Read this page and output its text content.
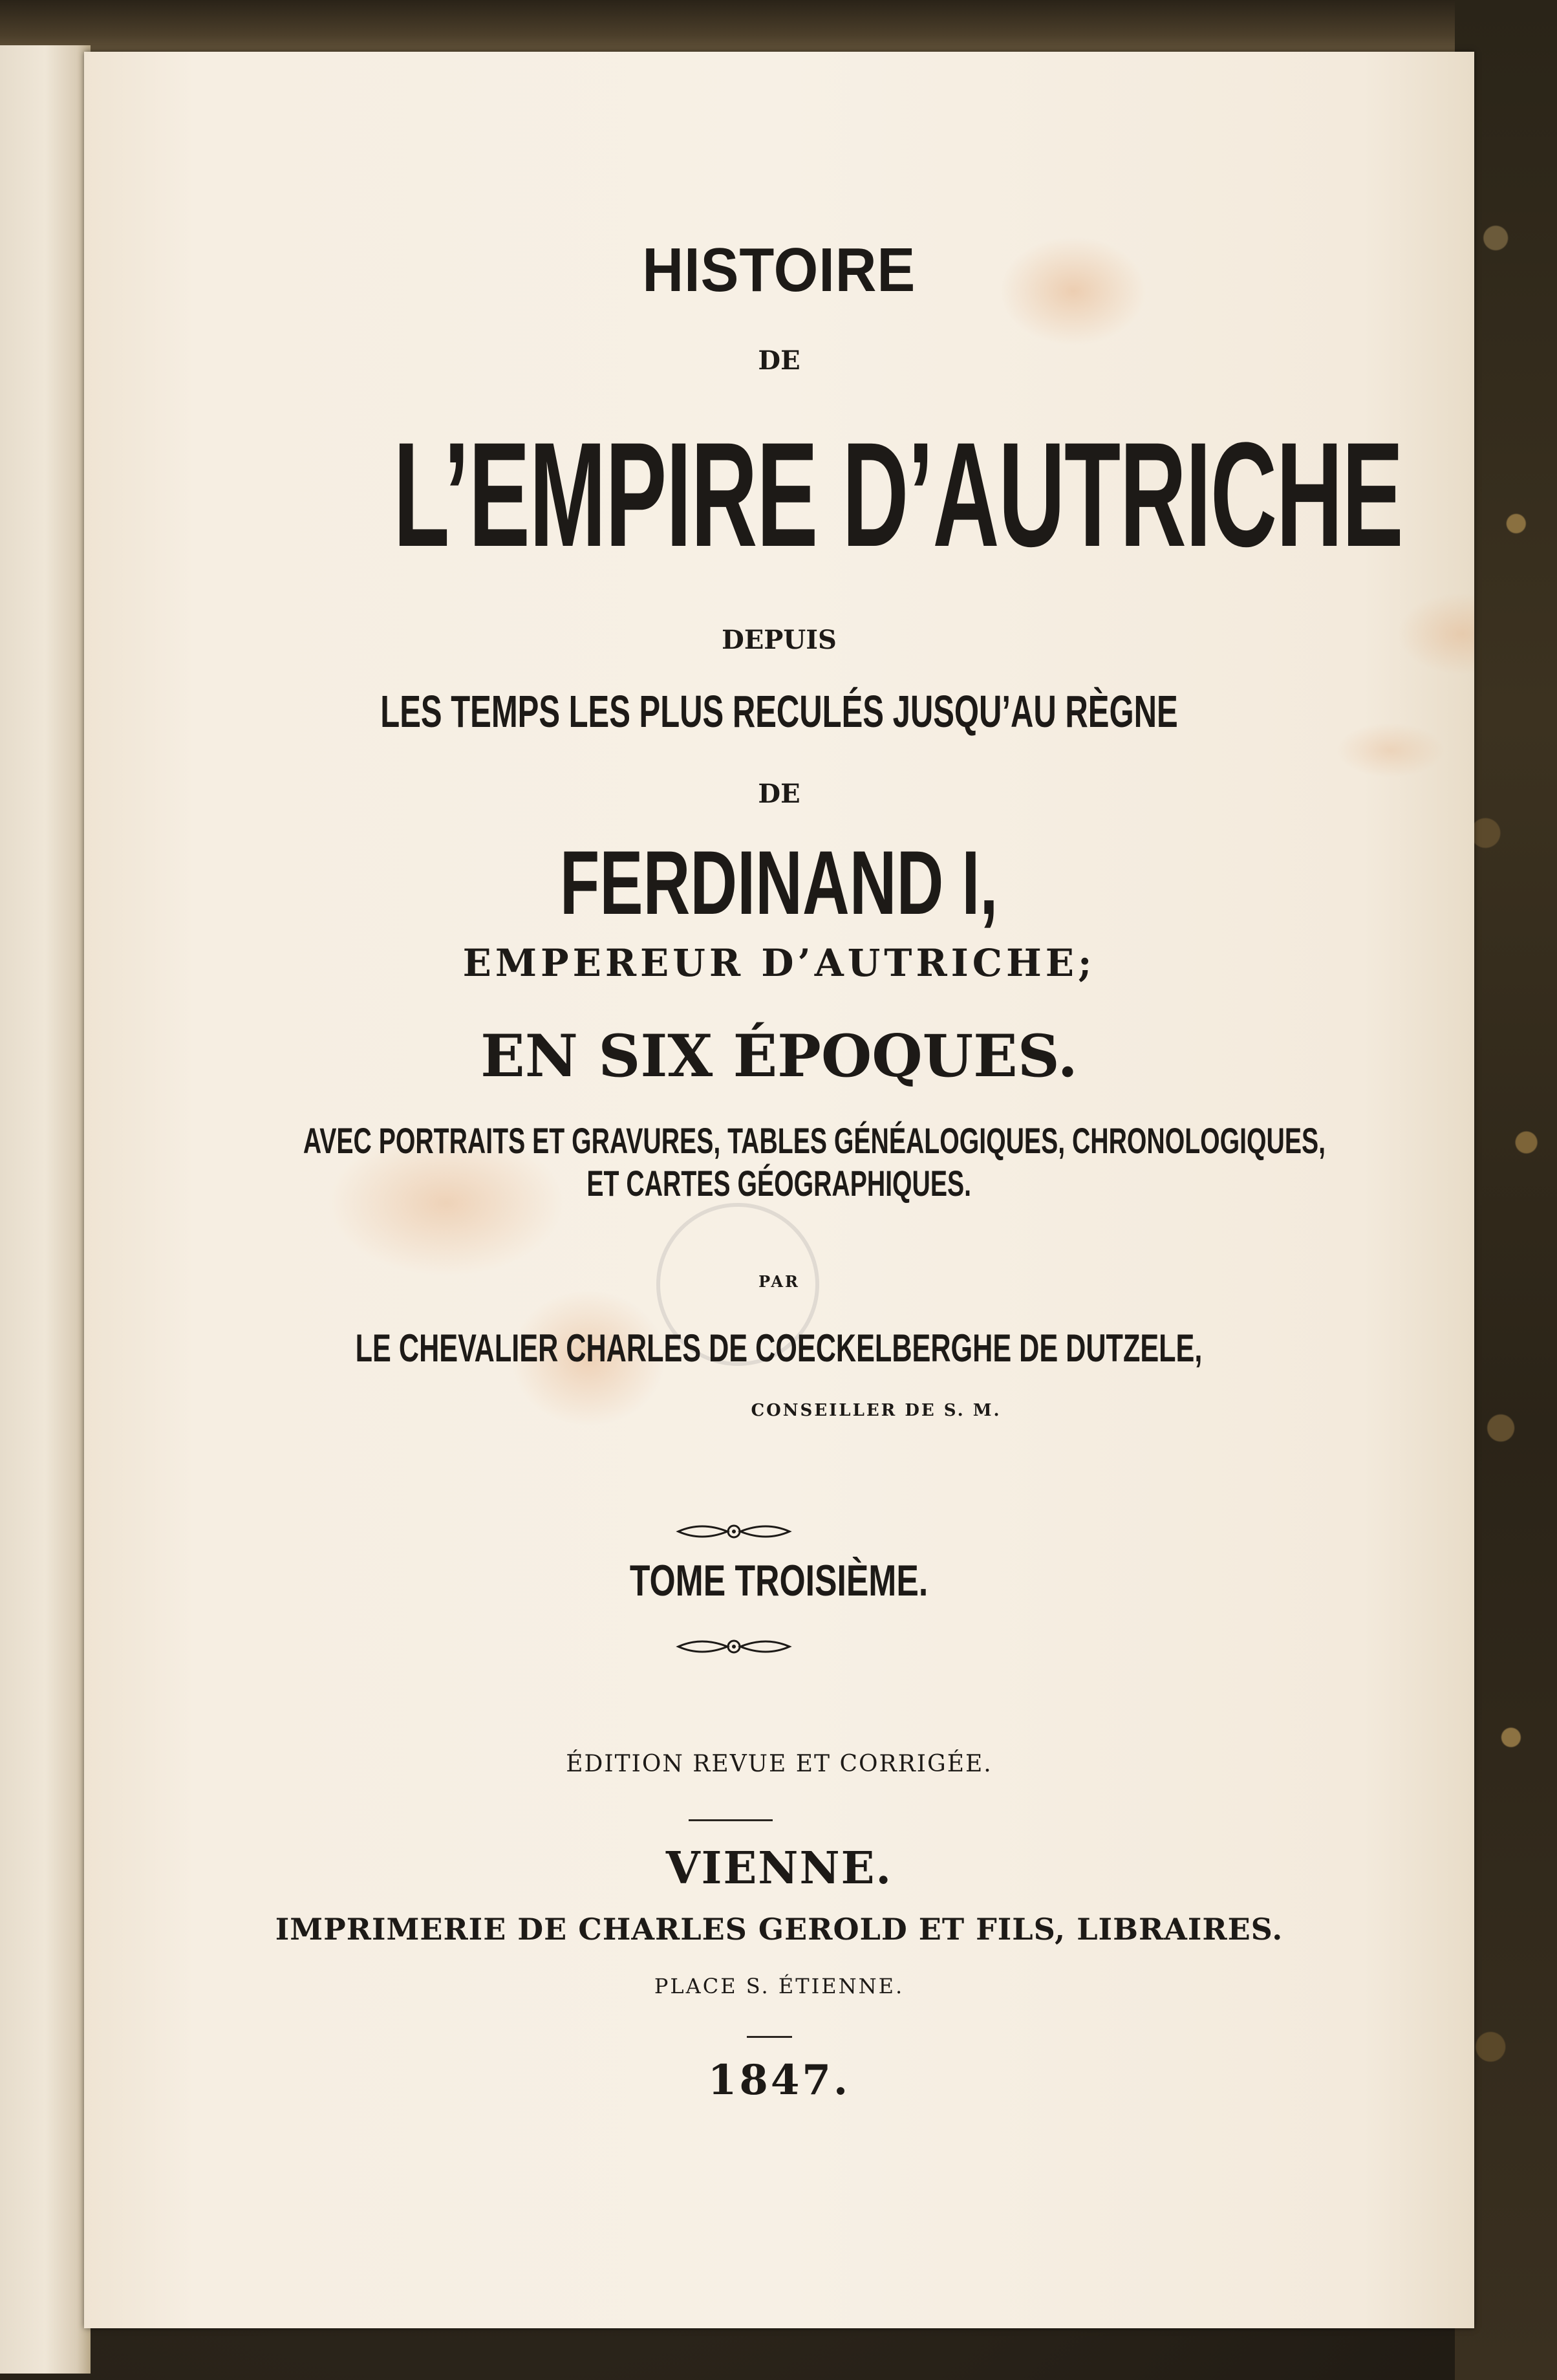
HISTOIRE
DE
L’EMPIRE D’AUTRICHE
DEPUIS
LES TEMPS LES PLUS RECULÉS JUSQU’AU RÈGNE
DE
FERDINAND I,
EMPEREUR D’AUTRICHE;
EN SIX ÉPOQUES.
AVEC PORTRAITS ET GRAVURES, TABLES GÉNÉALOGIQUES, CHRONOLOGIQUES,
ET CARTES GÉOGRAPHIQUES.
PAR
LE CHEVALIER CHARLES DE COECKELBERGHE DE DUTZELE,
CONSEILLER DE S. M.
TOME TROISIÈME.
ÉDITION REVUE ET CORRIGÉE.
VIENNE.
IMPRIMERIE DE CHARLES GEROLD ET FILS, LIBRAIRES.
PLACE S. ÉTIENNE.
1847.
